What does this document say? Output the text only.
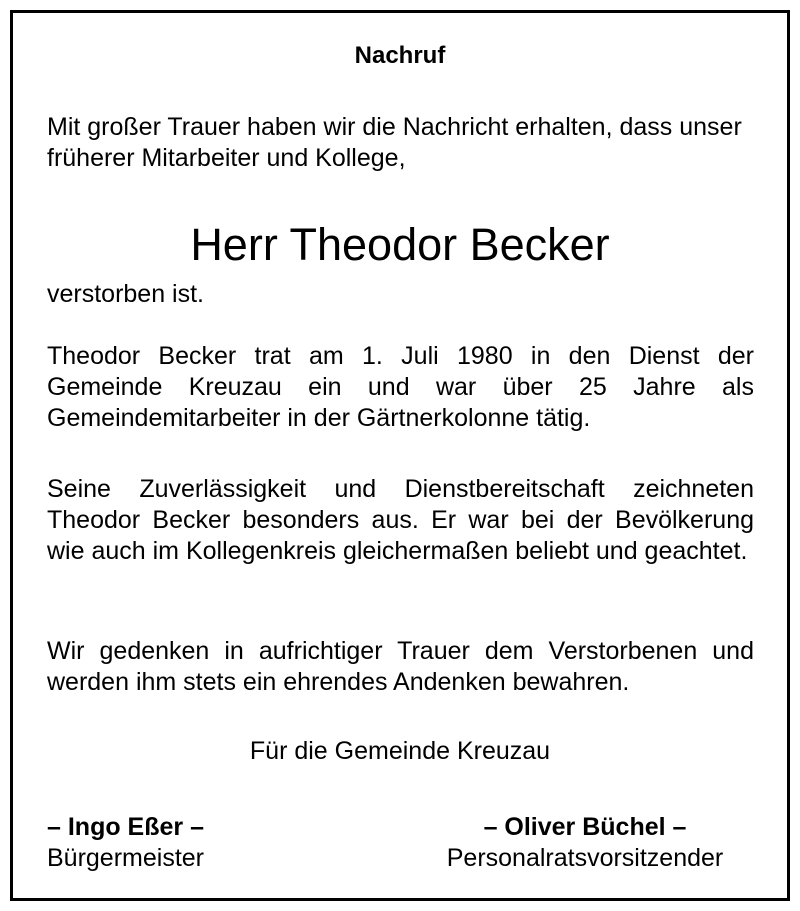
Nachruf
Mit großer Trauer haben wir die Nachricht erhalten, dass unser früherer Mitarbeiter und Kollege,
Herr Theodor Becker
verstorben ist.
Theodor Becker trat am 1. Juli 1980 in den Dienst der Gemeinde Kreuzau ein und war über 25 Jahre als Gemeindemitarbeiter in der Gärtnerkolonne tätig.
Seine Zuverlässigkeit und Dienstbereitschaft zeichneten Theodor Becker besonders aus. Er war bei der Bevölkerung wie auch im Kollegenkreis gleichermaßen beliebt und geachtet.
Wir gedenken in aufrichtiger Trauer dem Verstorbenen und werden ihm stets ein ehrendes Andenken bewahren.
Für die Gemeinde Kreuzau
– Ingo Eßer –
Bürgermeister
– Oliver Büchel –
Personalratsvorsitzender
